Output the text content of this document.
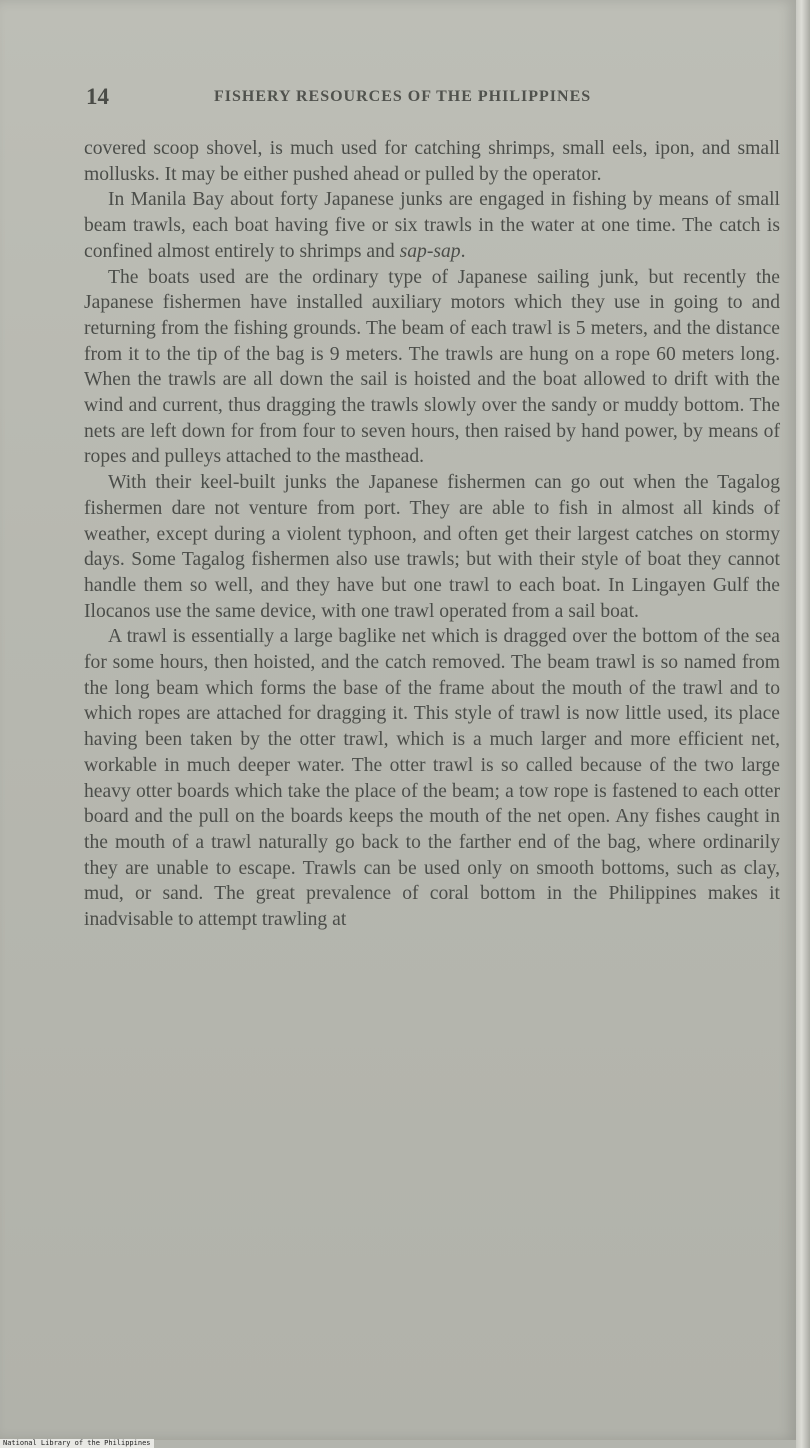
14	FISHERY RESOURCES OF THE PHILIPPINES

covered scoop shovel, is much used for catching shrimps, small eels, ipon, and small mollusks. It may be either pushed ahead or pulled by the operator.

In Manila Bay about forty Japanese junks are engaged in fishing by means of small beam trawls, each boat having five or six trawls in the water at one time. The catch is confined almost entirely to shrimps and sap-sap.

The boats used are the ordinary type of Japanese sailing junk, but recently the Japanese fishermen have installed auxiliary motors which they use in going to and returning from the fishing grounds. The beam of each trawl is 5 meters, and the distance from it to the tip of the bag is 9 meters. The trawls are hung on a rope 60 meters long. When the trawls are all down the sail is hoisted and the boat allowed to drift with the wind and current, thus dragging the trawls slowly over the sandy or muddy bottom. The nets are left down for from four to seven hours, then raised by hand power, by means of ropes and pulleys attached to the masthead.

With their keel-built junks the Japanese fishermen can go out when the Tagalog fishermen dare not venture from port. They are able to fish in almost all kinds of weather, except during a violent typhoon, and often get their largest catches on stormy days. Some Tagalog fishermen also use trawls; but with their style of boat they cannot handle them so well, and they have but one trawl to each boat. In Lingayen Gulf the Ilocanos use the same device, with one trawl operated from a sail boat.

A trawl is essentially a large baglike net which is dragged over the bottom of the sea for some hours, then hoisted, and the catch removed. The beam trawl is so named from the long beam which forms the base of the frame about the mouth of the trawl and to which ropes are attached for dragging it. This style of trawl is now little used, its place having been taken by the otter trawl, which is a much larger and more efficient net, workable in much deeper water. The otter trawl is so called because of the two large heavy otter boards which take the place of the beam; a tow rope is fastened to each otter board and the pull on the boards keeps the mouth of the net open. Any fishes caught in the mouth of a trawl naturally go back to the farther end of the bag, where ordinarily they are unable to escape. Trawls can be used only on smooth bottoms, such as clay, mud, or sand. The great prevalence of coral bottom in the Philippines makes it inadvisable to attempt trawling at

National Library of the Philippines
